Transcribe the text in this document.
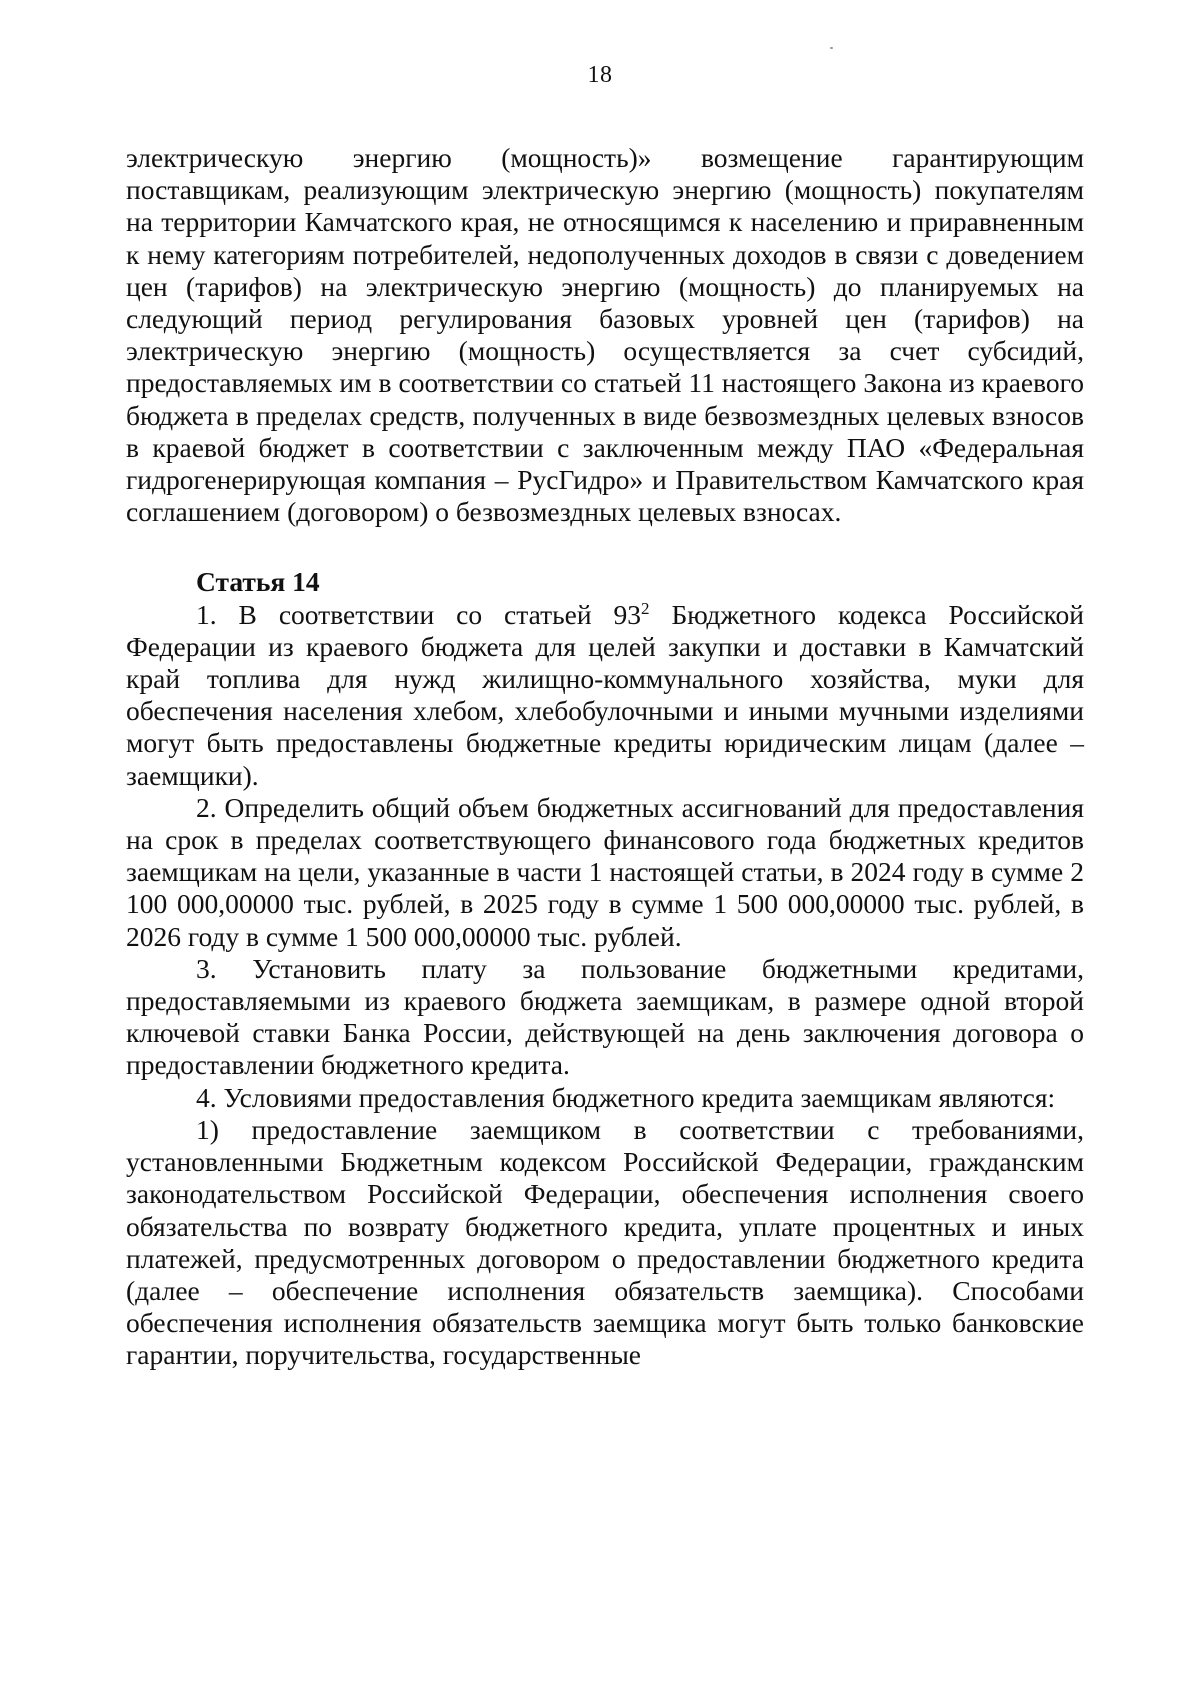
18

электрическую энергию (мощность)» возмещение гарантирующим поставщикам, реализующим электрическую энергию (мощность) покупателям на территории Камчатского края, не относящимся к населению и приравненным к нему категориям потребителей, недополученных доходов в связи с доведением цен (тарифов) на электрическую энергию (мощность) до планируемых на следующий период регулирования базовых уровней цен (тарифов) на электрическую энергию (мощность) осуществляется за счет субсидий, предоставляемых им в соответствии со статьей 11 настоящего Закона из краевого бюджета в пределах средств, полученных в виде безвозмездных целевых взносов в краевой бюджет в соответствии с заключенным между ПАО «Федеральная гидрогенерирующая компания – РусГидро» и Правительством Камчатского края соглашением (договором) о безвозмездных целевых взносах.

Статья 14

1. В соответствии со статьей $93^2$ Бюджетного кодекса Российской Федерации из краевого бюджета для целей закупки и доставки в Камчатский край топлива для нужд жилищно-коммунального хозяйства, муки для обеспечения населения хлебом, хлебобулочными и иными мучными изделиями могут быть предоставлены бюджетные кредиты юридическим лицам (далее – заемщики).

2. Определить общий объем бюджетных ассигнований для предоставления на срок в пределах соответствующего финансового года бюджетных кредитов заемщикам на цели, указанные в части 1 настоящей статьи, в 2024 году в сумме 2 100 000,00000 тыс. рублей, в 2025 году в сумме 1 500 000,00000 тыс. рублей, в 2026 году в сумме 1 500 000,00000 тыс. рублей.

3. Установить плату за пользование бюджетными кредитами, предоставляемыми из краевого бюджета заемщикам, в размере одной второй ключевой ставки Банка России, действующей на день заключения договора о предоставлении бюджетного кредита.

4. Условиями предоставления бюджетного кредита заемщикам являются:

1) предоставление заемщиком в соответствии с требованиями, установленными Бюджетным кодексом Российской Федерации, гражданским законодательством Российской Федерации, обеспечения исполнения своего обязательства по возврату бюджетного кредита, уплате процентных и иных платежей, предусмотренных договором о предоставлении бюджетного кредита (далее – обеспечение исполнения обязательств заемщика). Способами обеспечения исполнения обязательств заемщика могут быть только банковские гарантии, поручительства, государственные
